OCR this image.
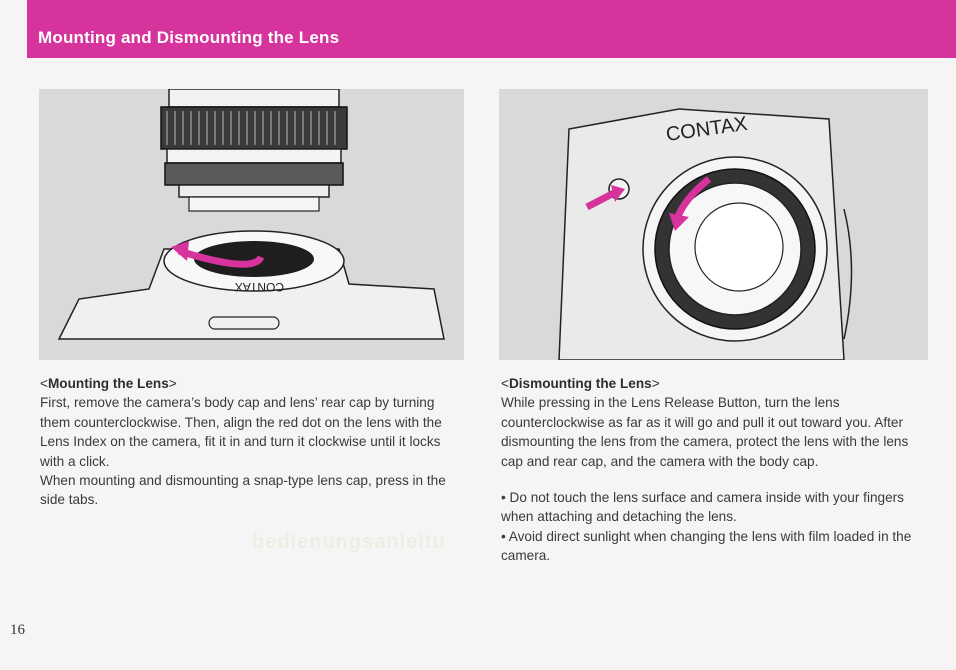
Mounting and Dismounting the Lens
CONTAX
CONTAX
<Mounting the Lens>
First, remove the camera’s body cap and lens’ rear cap by turning them counterclockwise. Then, align the red dot on the lens with the Lens Index on the camera, fit it in and turn it clockwise until it locks with a click.
When mounting and dismounting a snap-type lens cap, press in the side tabs.
<Dismounting the Lens>
While pressing in the Lens Release Button, turn the lens counterclockwise as far as it will go and pull it out toward you. After dismounting the lens from the camera, protect the lens with the lens cap and rear cap, and the camera with the body cap.
• Do not touch the lens surface and camera inside with your fingers when attaching and detaching the lens.
• Avoid direct sunlight when changing the lens with film loaded in the camera.
bedienungsanleitu
16
